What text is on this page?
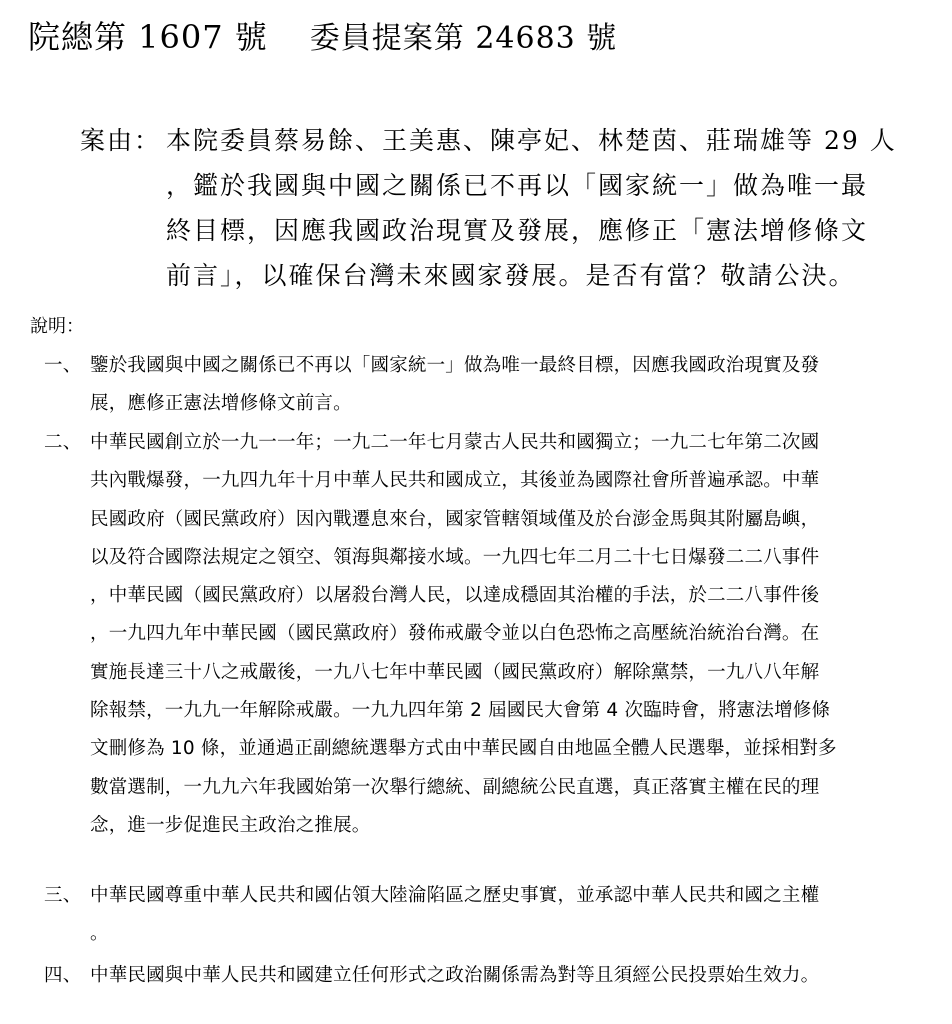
院總第 1607 號 委員提案第 24683 號
案由： 本院委員蔡易餘、王美惠、陳亭妃、林楚茵、莊瑞雄等 29 人
，鑑於我國與中國之關係已不再以「國家統一」做為唯一最
終目標，因應我國政治現實及發展，應修正「憲法增修條文
前言」，以確保台灣未來國家發展。是否有當？敬請公決。
說明：
一、 鑒於我國與中國之關係已不再以「國家統一」做為唯一最終目標，因應我國政治現實及發
展，應修正憲法增修條文前言。
二、 中華民國創立於一九一一年；一九二一年七月蒙古人民共和國獨立；一九二七年第二次國
共內戰爆發，一九四九年十月中華人民共和國成立，其後並為國際社會所普遍承認。中華
民國政府（國民黨政府）因內戰遷息來台，國家管轄領域僅及於台澎金馬與其附屬島嶼，
以及符合國際法規定之領空、領海與鄰接水域。一九四七年二月二十七日爆發二二八事件
，中華民國（國民黨政府）以屠殺台灣人民，以達成穩固其治權的手法，於二二八事件後
，一九四九年中華民國（國民黨政府）發佈戒嚴令並以白色恐怖之高壓統治統治台灣。在
實施長達三十八之戒嚴後，一九八七年中華民國（國民黨政府）解除黨禁，一九八八年解
除報禁，一九九一年解除戒嚴。一九九四年第 2 屆國民大會第 4 次臨時會，將憲法增修條
文刪修為 10 條，並通過正副總統選舉方式由中華民國自由地區全體人民選舉，並採相對多
數當選制，一九九六年我國始第一次舉行總統、副總統公民直選，真正落實主權在民的理
念，進一步促進民主政治之推展。
三、 中華民國尊重中華人民共和國佔領大陸淪陷區之歷史事實，並承認中華人民共和國之主權
。
四、 中華民國與中華人民共和國建立任何形式之政治關係需為對等且須經公民投票始生效力。
